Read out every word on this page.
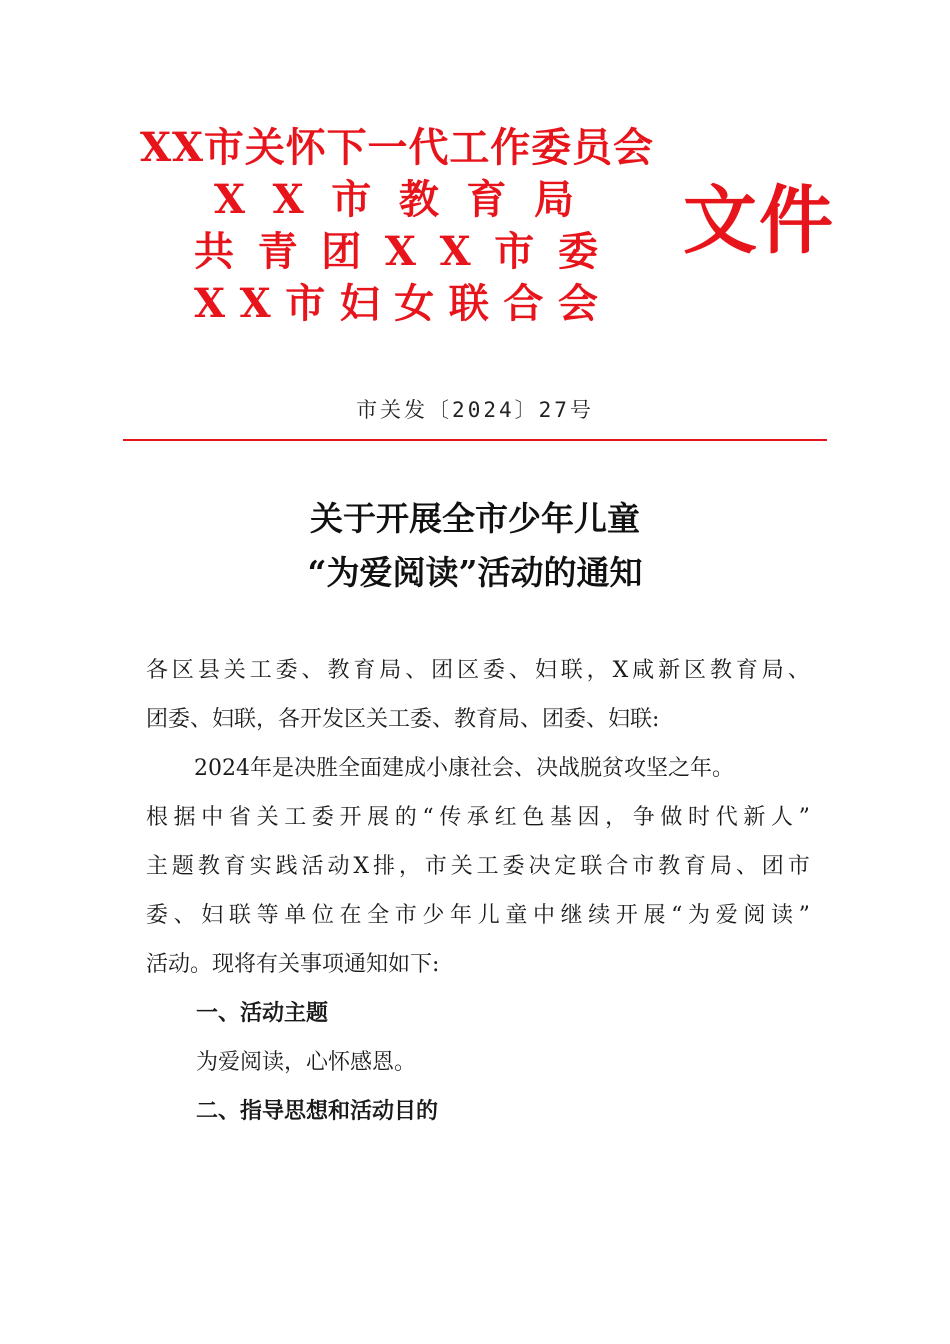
X X 市 关 怀 下 一 代 工 作 委 员 会
X X 市 教 育 局
共 青 团 X X 市 委
X X 市 妇 女 联 合 会
文件
市关发〔2024〕27号
关于开展全市少年儿童
“为爱阅读”活动的通知
各 区 县 关 工 委 、 教 育 局 、 团 区 委 、 妇 联 ， X 咸 新 区 教 育 局 、
团委、妇联，各开发区关工委、教育局、团委、妇联:
2024年是决胜全面建成小康社会、决战脱贫攻坚之年。
根 据 中 省 关 工 委 开 展 的 “ 传 承 红 色 基 因 ， 争 做 时 代 新 人 ”
主 题 教 育 实 践 活 动 X 排 ， 市 关 工 委 决 定 联 合 市 教 育 局 、 团 市
委 、 妇 联 等 单 位 在 全 市 少 年 儿 童 中 继 续 开 展 “ 为 爱 阅 读 ”
活动。现将有关事项通知如下:
一、活动主题
为爱阅读，心怀感恩。
二、指导思想和活动目的
